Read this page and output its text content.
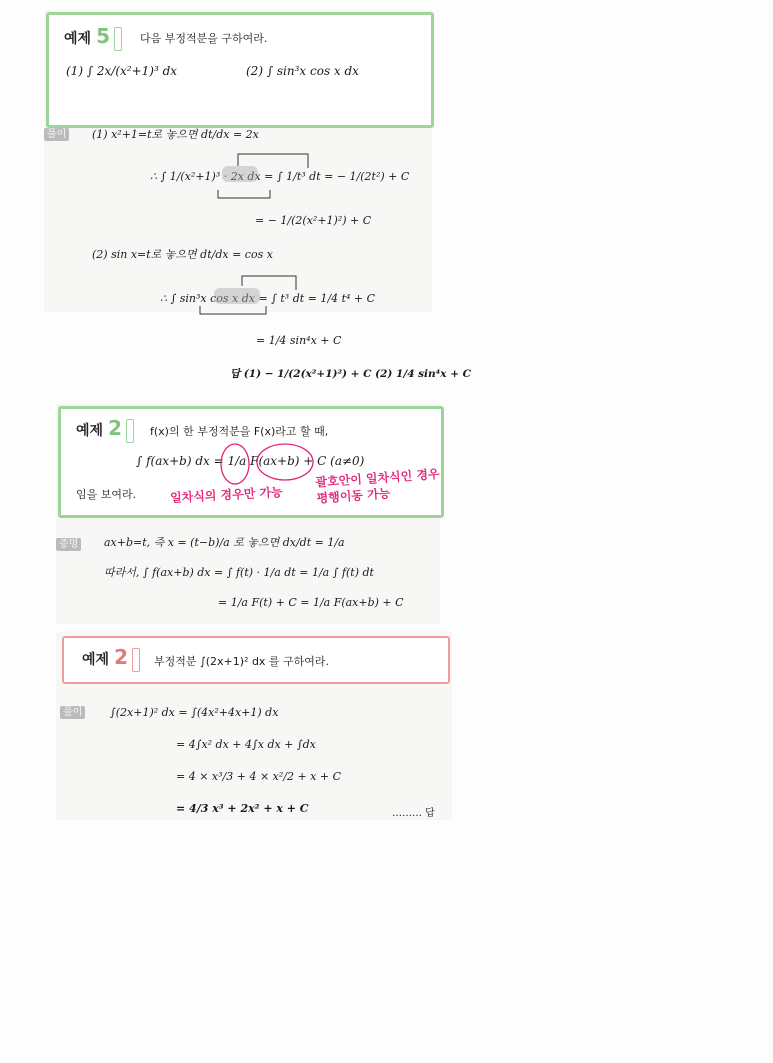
예제 5	다음 부정적분을 구하여라.
(1) ∫ 2x/(x²+1)³ dx	(2) ∫ sin³x cos x dx
풀이 (1) x²+1=t로 놓으면 dt/dx = 2x
∴ ∫ 1/(x²+1)³ · 2x dx = ∫ 1/t³ dt = − 1/(2t²) + C
= − 1/(2(x²+1)²) + C
(2) sin x=t로 놓으면 dt/dx = cos x
∴ ∫ sin³x cos x dx = ∫ t³ dt = 1/4 t⁴ + C
= 1/4 sin⁴x + C
답 (1) − 1/(2(x²+1)²) + C (2) 1/4 sin⁴x + C
예제 2	f(x)의 한 부정적분을 F(x)라고 할 때,
∫ f(ax+b) dx = 1/a F(ax+b) + C (a≠0)
임을 보여라.	일차식의 경우만 가능
괄호안이 일차식인 경우 평행이동 가능
증명 ax+b=t, 즉 x = (t−b)/a 로 놓으면 dx/dt = 1/a
따라서, ∫ f(ax+b) dx = ∫ f(t) · 1/a dt = 1/a ∫ f(t) dt
= 1/a F(t) + C = 1/a F(ax+b) + C
예제 2	부정적분 ∫(2x+1)² dx 를 구하여라.
풀이	∫(2x+1)² dx = ∫(4x²+4x+1) dx
= 4∫x² dx + 4∫x dx + ∫dx
= 4 × x³/3 + 4 × x²/2 + x + C
= 4/3 x³ + 2x² + x + C	……… 답
